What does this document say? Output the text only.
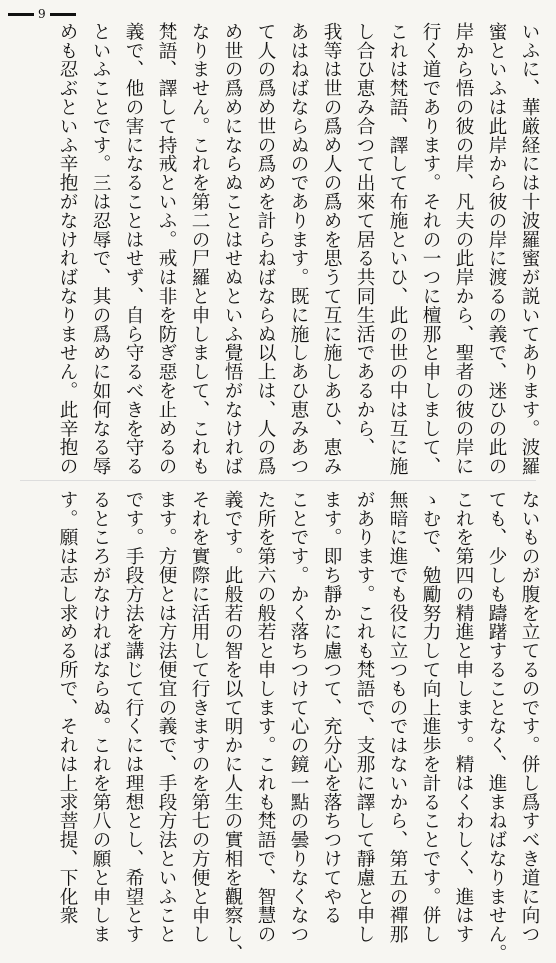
9
いふに、華厳経には十波羅蜜が説いてあります。波羅
蜜といふは此岸から彼の岸に渡るの義で、迷ひの此の
岸から悟の彼の岸、凡夫の此岸から、聖者の彼の岸に
行く道であります。それの一つに檀那と申しまして、
これは梵語、譯して布施といひ、此の世の中は互に施
し合ひ恵み合つて出來て居る共同生活であるから、
我等は世の爲め人の爲めを思うて互に施しあひ、恵み
あはねばならぬのであります。既に施しあひ恵みあつ
て人の爲め世の爲めを計らねばならぬ以上は、人の爲
め世の爲めにならぬことはせぬといふ覺悟がなければ
なりません。これを第二の尸羅と申しまして、これも
梵語、譯して持戒といふ。戒は非を防ぎ惡を止めるの
義で、他の害になることはせず、自ら守るべきを守る
といふことです。三は忍辱で、其の爲めに如何なる辱
めも忍ぶといふ辛抱がなければなりません。此辛抱の
ないものが腹を立てるのです。併し爲すべき道に向つ
ても、少しも躊躇することなく、進まねばなりません。
これを第四の精進と申します。精はくわしく、進はす
ゝむで、勉勵努力して向上進歩を計ることです。併し
無暗に進でも役に立つものではないから、第五の禪那
があります。これも梵語で、支那に譯して靜慮と申し
ます。即ち靜かに慮つて、充分心を落ちつけてやる
ことです。かく落ちつけて心の鏡一點の曇りなくなつ
た所を第六の般若と申します。これも梵語で、智慧の
義です。此般若の智を以て明かに人生の實相を觀察し、
それを實際に活用して行きますのを第七の方便と申し
ます。方便とは方法便宜の義で、手段方法といふこと
です。手段方法を講じて行くには理想とし、希望とす
るところがなければならぬ。これを第八の願と申しま
す。願は志し求める所で、それは上求菩提、下化衆
